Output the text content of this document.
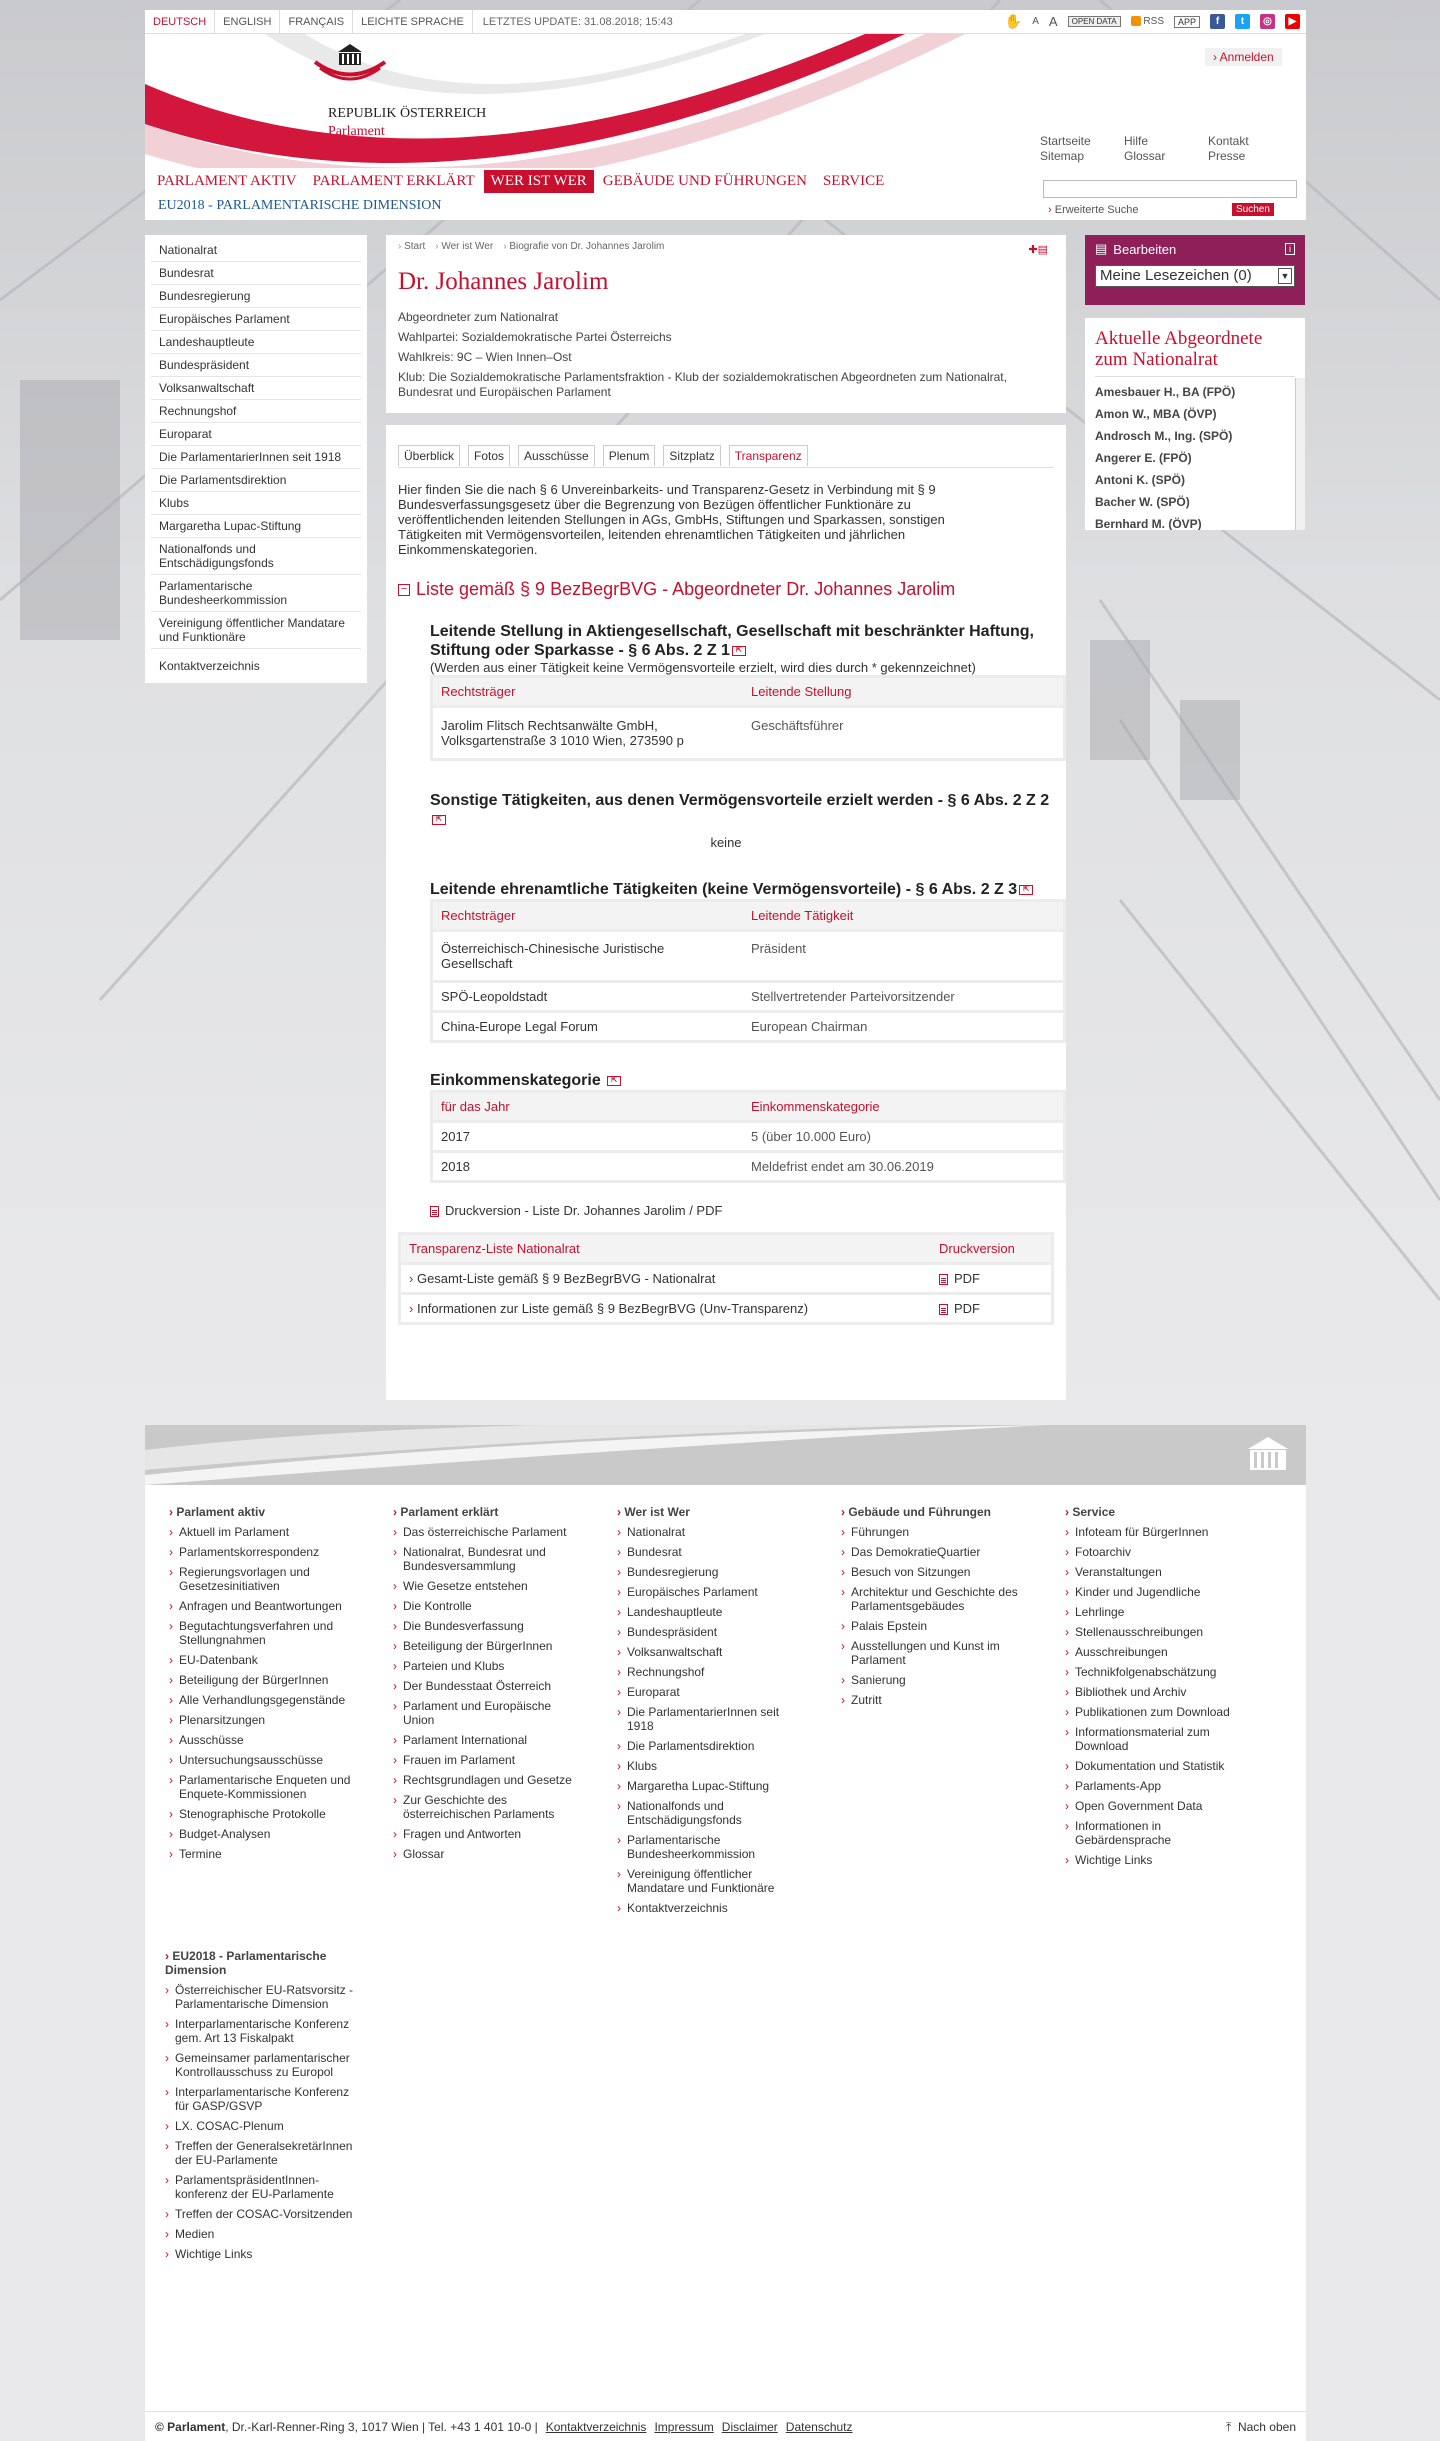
DEUTSCH	ENGLISH	FRANÇAIS	LEICHTE SPRACHE	LETZTES UPDATE: 31.08.2018; 15:43	✋ A A	OPEN DATA	RSS	APP	f	t	◎	▶
REPUBLIK ÖSTERREICH
Parlament
› Anmelden
Startseite	Hilfe	Kontakt
Sitemap	Glossar	Presse
PARLAMENT AKTIV	PARLAMENT ERKLÄRT	WER IST WER	GEBÄUDE UND FÜHRUNGEN	SERVICE
EU2018 - PARLAMENTARISCHE DIMENSION	› Erweiterte Suche	Suchen
Nationalrat
Bundesrat
Bundesregierung
Europäisches Parlament
Landeshauptleute
Bundespräsident
Volksanwaltschaft
Rechnungshof
Europarat
Die ParlamentarierInnen seit 1918
Die Parlamentsdirektion
Klubs
Margaretha Lupac-Stiftung
Nationalfonds und Entschädigungsfonds
Parlamentarische Bundesheerkommission
Vereinigung öffentlicher Mandatare und Funktionäre
Kontaktverzeichnis
› Start	› Wer ist Wer	› Biografie von Dr. Johannes Jarolim	✚▤
Dr. Johannes Jarolim
Abgeordneter zum Nationalrat
Wahlpartei: Sozialdemokratische Partei Österreichs
Wahlkreis: 9C – Wien Innen–Ost
Klub: Die Sozialdemokratische Parlamentsfraktion - Klub der sozialdemokratischen Abgeordneten zum Nationalrat, Bundesrat und Europäischen Parlament
Überblick	Fotos	Ausschüsse	Plenum	Sitzplatz	Transparenz

Hier finden Sie die nach § 6 Unvereinbarkeits- und Transparenz-Gesetz in Verbindung mit § 9 Bundesverfassungsgesetz über die Begrenzung von Bezügen öffentlicher Funktionäre zu veröffentlichenden leitenden Stellungen in AGs, GmbHs, Stiftungen und Sparkassen, sonstigen Tätigkeiten mit Vermögensvorteilen, leitenden ehrenamtlichen Tätigkeiten und jährlichen Einkommenskategorien.

− Liste gemäß § 9 BezBegrBVG - Abgeordneter Dr. Johannes Jarolim
Leitende Stellung in Aktiengesellschaft, Gesellschaft mit beschränkter Haftung, Stiftung oder Sparkasse - § 6 Abs. 2 Z 1 ⇱
(Werden aus einer Tätigkeit keine Vermögensvorteile erzielt, wird dies durch * gekennzeichnet)
Rechtsträger	Leitende Stellung
Jarolim Flitsch Rechtsanwälte GmbH, Volksgartenstraße 3 1010 Wien, 273590 p	Geschäftsführer
Sonstige Tätigkeiten, aus denen Vermögensvorteile erzielt werden - § 6 Abs. 2 Z 2 ⇱
keine
Leitende ehrenamtliche Tätigkeiten (keine Vermögensvorteile) - § 6 Abs. 2 Z 3 ⇱
Rechtsträger	Leitende Tätigkeit
Österreichisch-Chinesische Juristische Gesellschaft	Präsident
SPÖ-Leopoldstadt	Stellvertretender Parteivorsitzender
China-Europe Legal Forum	European Chairman
Einkommenskategorie ⇱
für das Jahr	Einkommenskategorie
2017	5 (über 10.000 Euro)
2018	Meldefrist endet am 30.06.2019
Druckversion - Liste Dr. Johannes Jarolim / PDF
Transparenz-Liste Nationalrat	Druckversion
› Gesamt-Liste gemäß § 9 BezBegrBVG - Nationalrat	PDF
› Informationen zur Liste gemäß § 9 BezBegrBVG (Unv-Transparenz)	PDF
▤ Bearbeiten	i
Meine Lesezeichen (0)	▼
Aktuelle Abgeordnete zum Nationalrat
Amesbauer H., BA (FPÖ)
Amon W., MBA (ÖVP)
Androsch M., Ing. (SPÖ)
Angerer E. (FPÖ)
Antoni K. (SPÖ)
Bacher W. (SPÖ)
Bernhard M. (ÖVP)
› Parlament aktiv
› Aktuell im Parlament
› Parlamentskorrespondenz
› Regierungsvorlagen und Gesetzesinitiativen
› Anfragen und Beantwortungen
› Begutachtungsverfahren und Stellungnahmen
› EU-Datenbank
› Beteiligung der BürgerInnen
› Alle Verhandlungsgegenstände
› Plenarsitzungen
› Ausschüsse
› Untersuchungsausschüsse
› Parlamentarische Enqueten und Enquete-Kommissionen
› Stenographische Protokolle
› Budget-Analysen
› Termine
› Parlament erklärt
› Das österreichische Parlament
› Nationalrat, Bundesrat und Bundesversammlung
› Wie Gesetze entstehen
› Die Kontrolle
› Die Bundesverfassung
› Beteiligung der BürgerInnen
› Parteien und Klubs
› Der Bundesstaat Österreich
› Parlament und Europäische Union
› Parlament International
› Frauen im Parlament
› Rechtsgrundlagen und Gesetze
› Zur Geschichte des österreichischen Parlaments
› Fragen und Antworten
› Glossar
› Wer ist Wer
› Nationalrat
› Bundesrat
› Bundesregierung
› Europäisches Parlament
› Landeshauptleute
› Bundespräsident
› Volksanwaltschaft
› Rechnungshof
› Europarat
› Die ParlamentarierInnen seit 1918
› Die Parlamentsdirektion
› Klubs
› Margaretha Lupac-Stiftung
› Nationalfonds und Entschädigungsfonds
› Parlamentarische Bundesheerkommission
› Vereinigung öffentlicher Mandatare und Funktionäre
› Kontaktverzeichnis
› Gebäude und Führungen
› Führungen
› Das DemokratieQuartier
› Besuch von Sitzungen
› Architektur und Geschichte des Parlamentsgebäudes
› Palais Epstein
› Ausstellungen und Kunst im Parlament
› Sanierung
› Zutritt
› Service
› Infoteam für BürgerInnen
› Fotoarchiv
› Veranstaltungen
› Kinder und Jugendliche
› Lehrlinge
› Stellenausschreibungen
› Ausschreibungen
› Technikfolgenabschätzung
› Bibliothek und Archiv
› Publikationen zum Download
› Informationsmaterial zum Download
› Dokumentation und Statistik
› Parlaments-App
› Open Government Data
› Informationen in Gebärdensprache
› Wichtige Links
› EU2018 - Parlamentarische Dimension
› Österreichischer EU-Ratsvorsitz - Parlamentarische Dimension
› Interparlamentarische Konferenz gem. Art 13 Fiskalpakt
› Gemeinsamer parlamentarischer Kontrollausschuss zu Europol
› Interparlamentarische Konferenz für GASP/GSVP
› LX. COSAC-Plenum
› Treffen der GeneralsekretärInnen der EU-Parlamente
› ParlamentspräsidentInnen-konferenz der EU-Parlamente
› Treffen der COSAC-Vorsitzenden
› Medien
› Wichtige Links
© Parlament, Dr.-Karl-Renner-Ring 3, 1017 Wien | Tel. +43 1 401 10-0 | Kontaktverzeichnis Impressum Disclaimer Datenschutz	⤒ Nach oben
